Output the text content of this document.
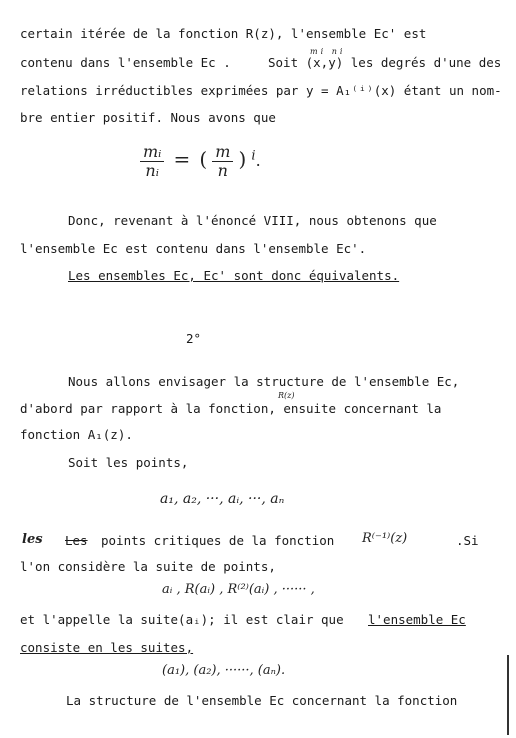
certain itérée de la fonction R(z), l'ensemble Ec' est
mi ni
contenu dans l'ensemble Ec .	Soit (x,y) les degrés d'une des
relations irréductibles exprimées par y = A₁⁽ⁱ⁾(x) étant un nom-
bre entier positif. Nous avons que
$\frac{\text{mᵢ}}{\text{nᵢ}}$ = ( $\frac{m}{n}$ ) $^i$.
Donc, revenant à l'énoncé VIII, nous obtenons que
l'ensemble Ec est contenu dans l'ensemble Ec'.
Les ensembles Ec, Ec' sont donc équivalents.
2°
Nous allons envisager la structure de l'ensemble Ec,
R(z)
d'abord par rapport à la fonction, ensuite concernant la
fonction A₁(z).
Soit les points,
a₁, a₂, ···, aᵢ, ···, aₙ
les Les points critiques de la fonction R⁽⁻¹⁾(z)	.Si
l'on considère la suite de points,
aᵢ , R(aᵢ) , R⁽²⁾(aᵢ) , ······ ,
et l'appelle la suite(aᵢ); il est clair que l'ensemble Ec
consiste en les suites,
(a₁), (a₂), ······, (aₙ).
La structure de l'ensemble Ec concernant la fonction
